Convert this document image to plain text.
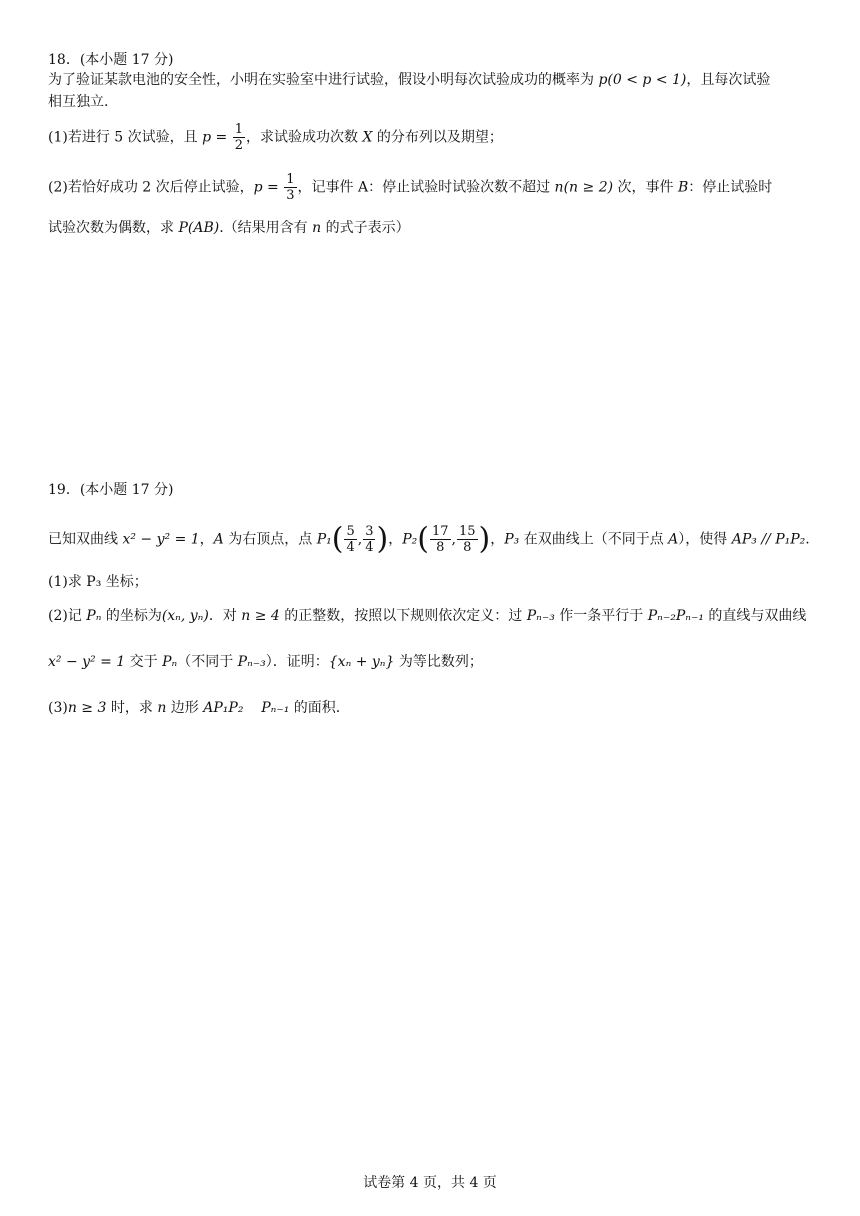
18．(本小题 17 分)
为了验证某款电池的安全性，小明在实验室中进行试验，假设小明每次试验成功的概率为 p(0 < p < 1)，且每次试验
相互独立.
(1)若进行 5 次试验，且 $p = \frac{1}{2}$ ，求试验成功次数 X 的分布列以及期望；
(2)若恰好成功 2 次后停止试验，$p = \frac{1}{3}$ ，记事件 A：停止试验时试验次数不超过 n(n ≥ 2) 次，事件 B：停止试验时
试验次数为偶数，求 P(AB).（结果用含有 n 的式子表示）
19．(本小题 17 分)
已知双曲线 x² − y² = 1，A 为右顶点，点 $P_1( \frac{5}{4}$ , $\frac{3}{4}$ )，$P_2( \frac{17}{8}$ , $\frac{15}{8}$ )，P₃ 在双曲线上（不同于点 A），使得 AP₃ // P₁P₂.
(1)求 P₃ 坐标；
(2)记 Pₙ 的坐标为(xₙ, yₙ)．对 n ≥ 4 的正整数，按照以下规则依次定义：过 Pₙ₋₃ 作一条平行于 Pₙ₋₂Pₙ₋₁ 的直线与双曲线
x² − y² = 1 交于 Pₙ（不同于 Pₙ₋₃）．证明：{xₙ + yₙ} 为等比数列；
(3)n ≥ 3 时，求 n 边形 AP₁P₂    Pₙ₋₁ 的面积.
试卷第 4 页，共 4 页
